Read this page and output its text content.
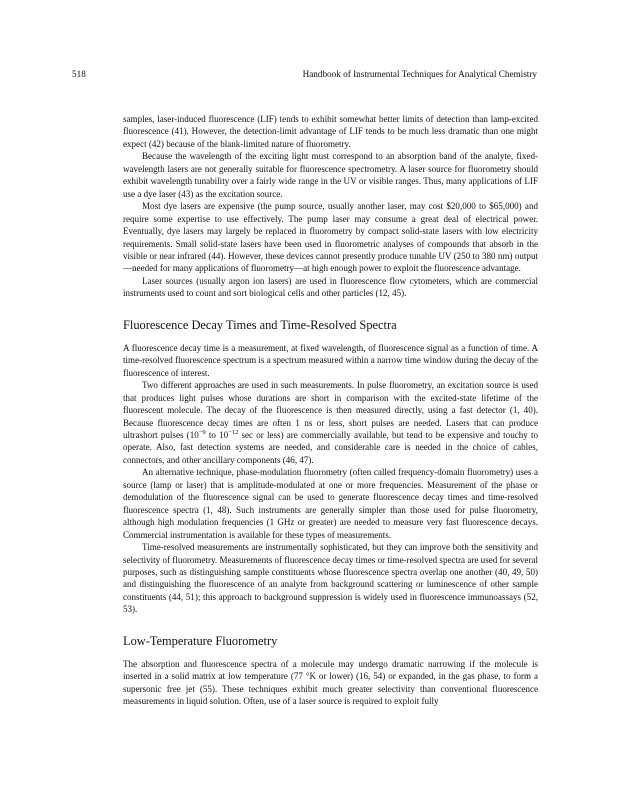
518	Handbook of Instrumental Techniques for Analytical Chemistry

samples, laser-induced fluorescence (LIF) tends to exhibit somewhat better limits of detection than lamp-excited fluorescence (41). However, the detection-limit advantage of LIF tends to be much less dramatic than one might expect (42) because of the blank-limited nature of fluorometry.

Because the wavelength of the exciting light must correspond to an absorption band of the analyte, fixed-wavelength lasers are not generally suitable for fluorescence spectrometry. A laser source for fluorometry should exhibit wavelength tunability over a fairly wide range in the UV or visible ranges. Thus, many applications of LIF use a dye laser (43) as the excitation source.

Most dye lasers are expensive (the pump source, usually another laser, may cost $20,000 to $65,000) and require some expertise to use effectively. The pump laser may consume a great deal of electrical power. Eventually, dye lasers may largely be replaced in fluorometry by compact solid-state lasers with low electricity requirements. Small solid-state lasers have been used in fluorometric analyses of compounds that absorb in the visible or near infrared (44). However, these devices cannot presently produce tunable UV (250 to 380 nm) output—needed for many applications of fluorometry—at high enough power to exploit the fluorescence advantage.

Laser sources (usually argon ion lasers) are used in fluorescence flow cytometers, which are commercial instruments used to count and sort biological cells and other particles (12, 45).

Fluorescence Decay Times and Time-Resolved Spectra

A fluorescence decay time is a measurement, at fixed wavelength, of fluorescence signal as a function of time. A time-resolved fluorescence spectrum is a spectrum measured within a narrow time window during the decay of the fluorescence of interest.

Two different approaches are used in such measurements. In pulse fluorometry, an excitation source is used that produces light pulses whose durations are short in comparison with the excited-state lifetime of the fluorescent molecule. The decay of the fluorescence is then measured directly, using a fast detector (1, 40). Because fluorescence decay times are often 1 ns or less, short pulses are needed. Lasers that can produce ultrashort pulses ($10^{-9}$ to $10^{-12}$ sec or less) are commercially available, but tend to be expensive and touchy to operate. Also, fast detection systems are needed, and considerable care is needed in the choice of cables, connectors, and other ancillary components (46, 47).

An alternative technique, phase-modulation fluorometry (often called frequency-domain fluorometry) uses a source (lamp or laser) that is amplitude-modulated at one or more frequencies. Measurement of the phase or demodulation of the fluorescence signal can be used to generate fluorescence decay times and time-resolved fluorescence spectra (1, 48). Such instruments are generally simpler than those used for pulse fluorometry, although high modulation frequencies (1 GHz or greater) are needed to measure very fast fluorescence decays. Commercial instrumentation is available for these types of measurements.

Time-resolved measurements are instrumentally sophisticated, but they can improve both the sensitivity and selectivity of fluorometry. Measurements of fluorescence decay times or time-resolved spectra are used for several purposes, such as distinguishing sample constituents whose fluorescence spectra overlap one another (40, 49, 50) and distinguishing the fluorescence of an analyte from background scattering or luminescence of other sample constituents (44, 51); this approach to background suppression is widely used in fluorescence immunoassays (52, 53).

Low-Temperature Fluorometry

The absorption and fluorescence spectra of a molecule may undergo dramatic narrowing if the molecule is inserted in a solid matrix at low temperature (77 °K or lower) (16, 54) or expanded, in the gas phase, to form a supersonic free jet (55). These techniques exhibit much greater selectivity than conventional fluorescence measurements in liquid solution. Often, use of a laser source is required to exploit fully
